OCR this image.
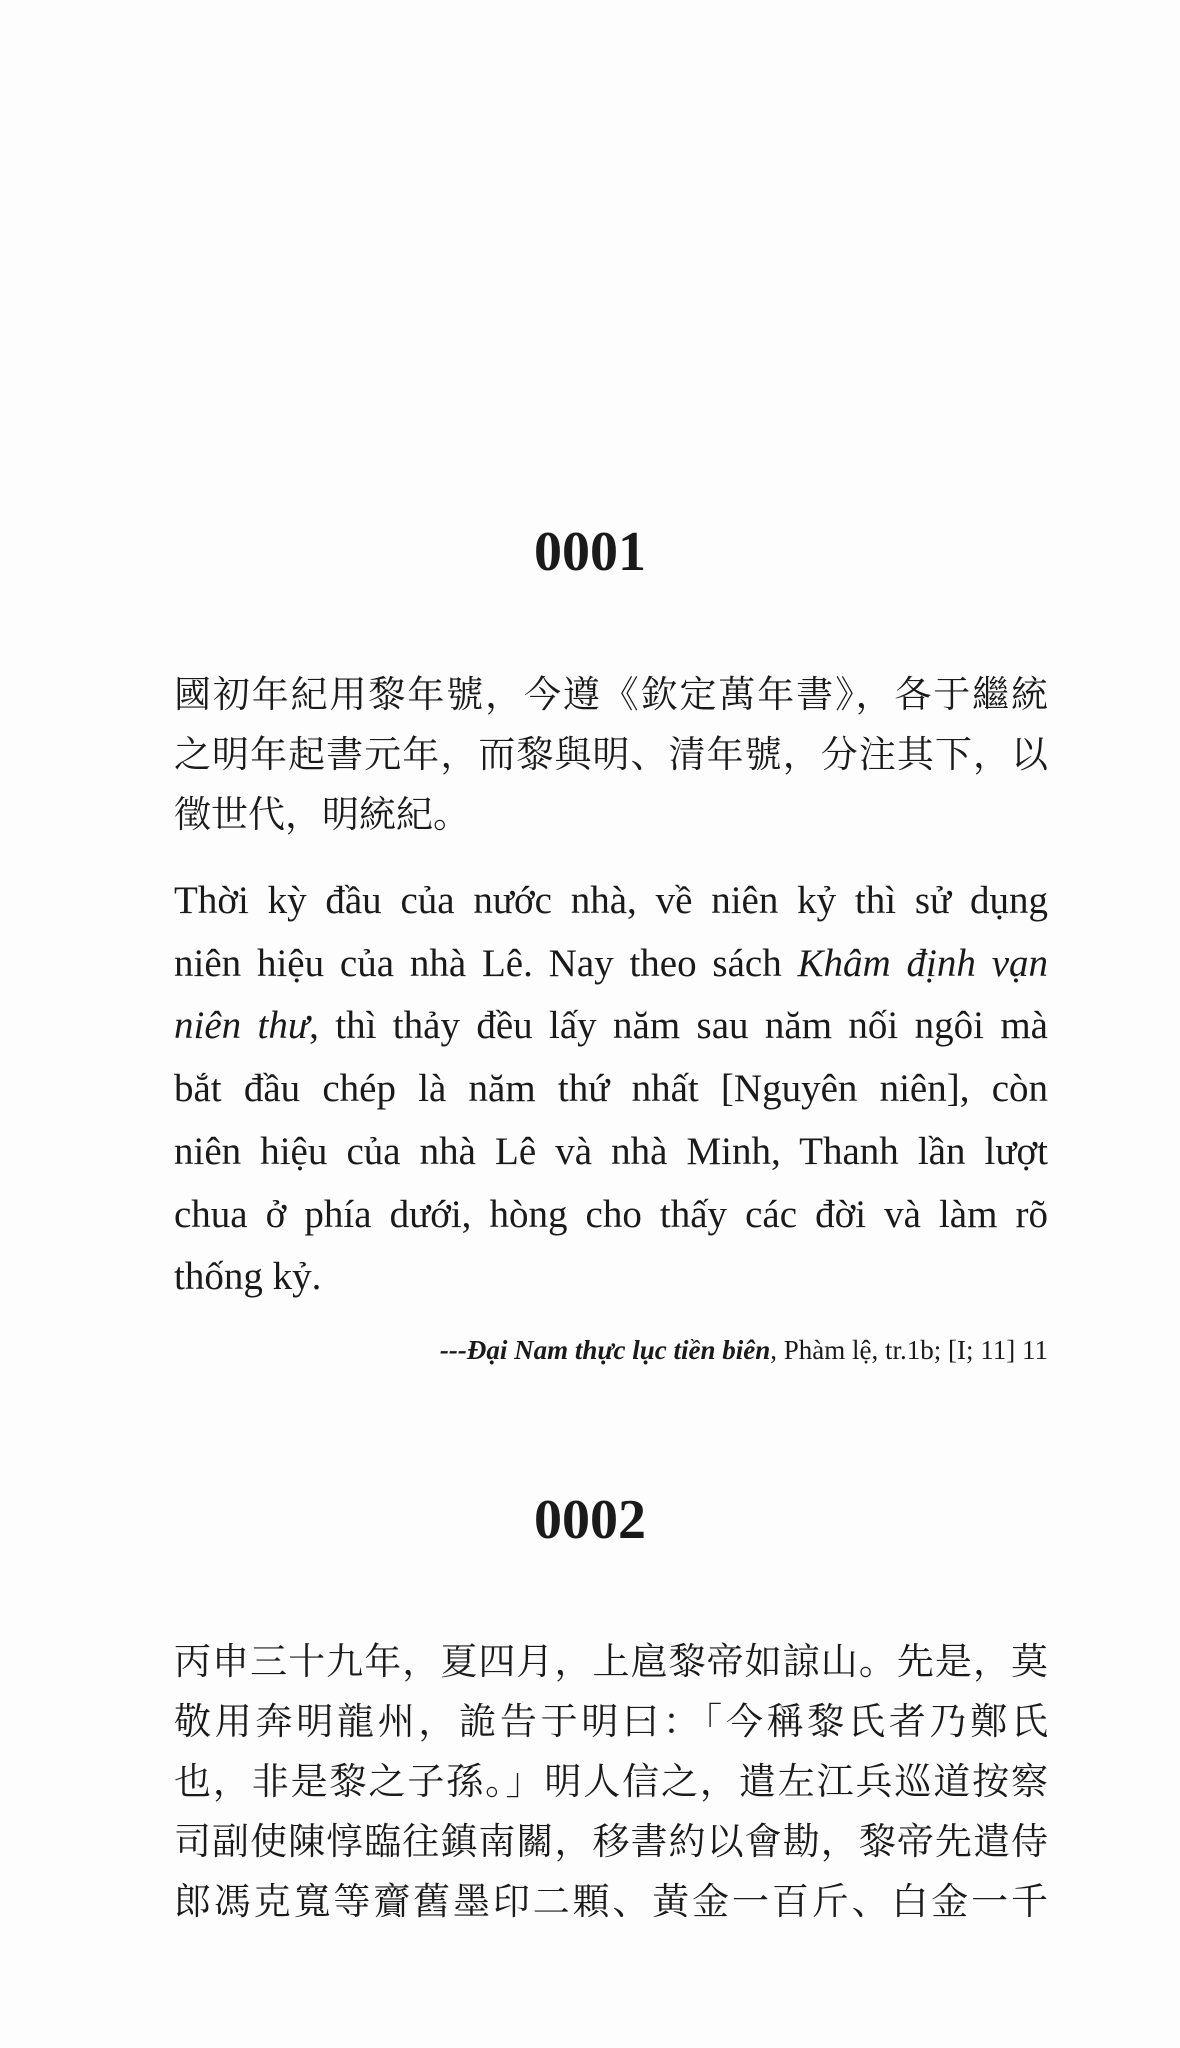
0001
國初年紀用黎年號，今遵《欽定萬年書》，各于繼統
之明年起書元年，而黎與明、清年號，分注其下，以
徵世代，明統紀。
Thời kỳ đầu của nước nhà, về niên kỷ thì sử dụng
niên hiệu của nhà Lê. Nay theo sách Khâm định vạn
niên thư, thì thảy đều lấy năm sau năm nối ngôi mà
bắt đầu chép là năm thứ nhất [Nguyên niên], còn
niên hiệu của nhà Lê và nhà Minh, Thanh lần lượt
chua ở phía dưới, hòng cho thấy các đời và làm rõ
thống kỷ.
---Đại Nam thực lục tiền biên, Phàm lệ, tr.1b; [I; 11] 11
0002
丙申三十九年，夏四月，上扈黎帝如諒山。先是，莫
敬用奔明龍州，詭告于明曰：「今稱黎氏者乃鄭氏
也，非是黎之子孫。」明人信之，遣左江兵巡道按察
司副使陳惇臨往鎮南關，移書約以會勘，黎帝先遣侍
郎馮克寬等齎舊墨印二顆、黃金一百斤、白金一千
